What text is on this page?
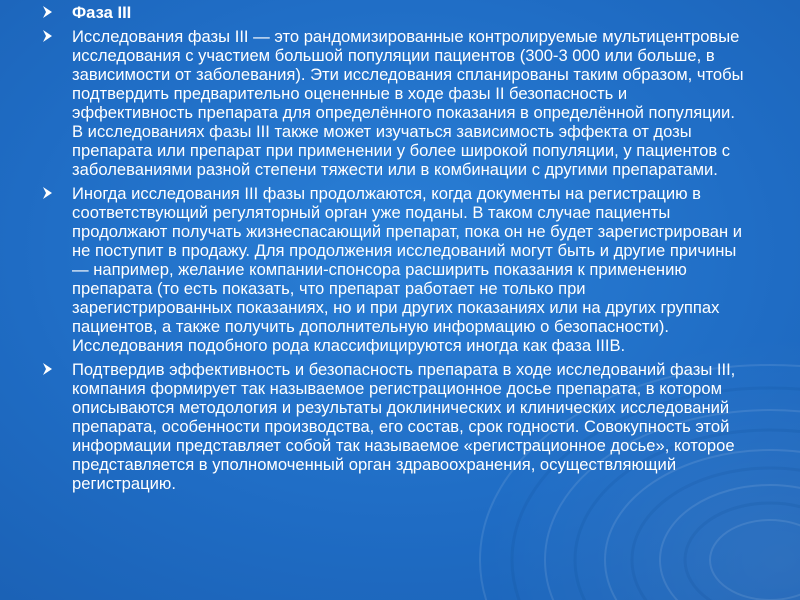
Фаза III
Исследования фазы III — это рандомизированные контролируемые мультицентровые исследования с участием большой популяции пациентов (300-3 000 или больше, в зависимости от заболевания). Эти исследования спланированы таким образом, чтобы подтвердить предварительно оцененные в ходе фазы II безопасность и эффективность препарата для определённого показания в определённой популяции. В исследованиях фазы III также может изучаться зависимость эффекта от дозы препарата или препарат при применении у более широкой популяции, у пациентов с заболеваниями разной степени тяжести или в комбинации с другими препаратами.
Иногда исследования III фазы продолжаются, когда документы на регистрацию в соответствующий регуляторный орган уже поданы. В таком случае пациенты продолжают получать жизнеспасающий препарат, пока он не будет зарегистрирован и не поступит в продажу. Для продолжения исследований могут быть и другие причины — например, желание компании-спонсора расширить показания к применению препарата (то есть показать, что препарат работает не только при зарегистрированных показаниях, но и при других показаниях или на других группах пациентов, а также получить дополнительную информацию о безопасности). Исследования подобного рода классифицируются иногда как фаза IIIB.
Подтвердив эффективность и безопасность препарата в ходе исследований фазы III, компания формирует так называемое регистрационное досье препарата, в котором описываются методология и результаты доклинических и клинических исследований препарата, особенности производства, его состав, срок годности. Совокупность этой информации представляет собой так называемое «регистрационное досье», которое представляется в уполномоченный орган здравоохранения, осуществляющий регистрацию.
